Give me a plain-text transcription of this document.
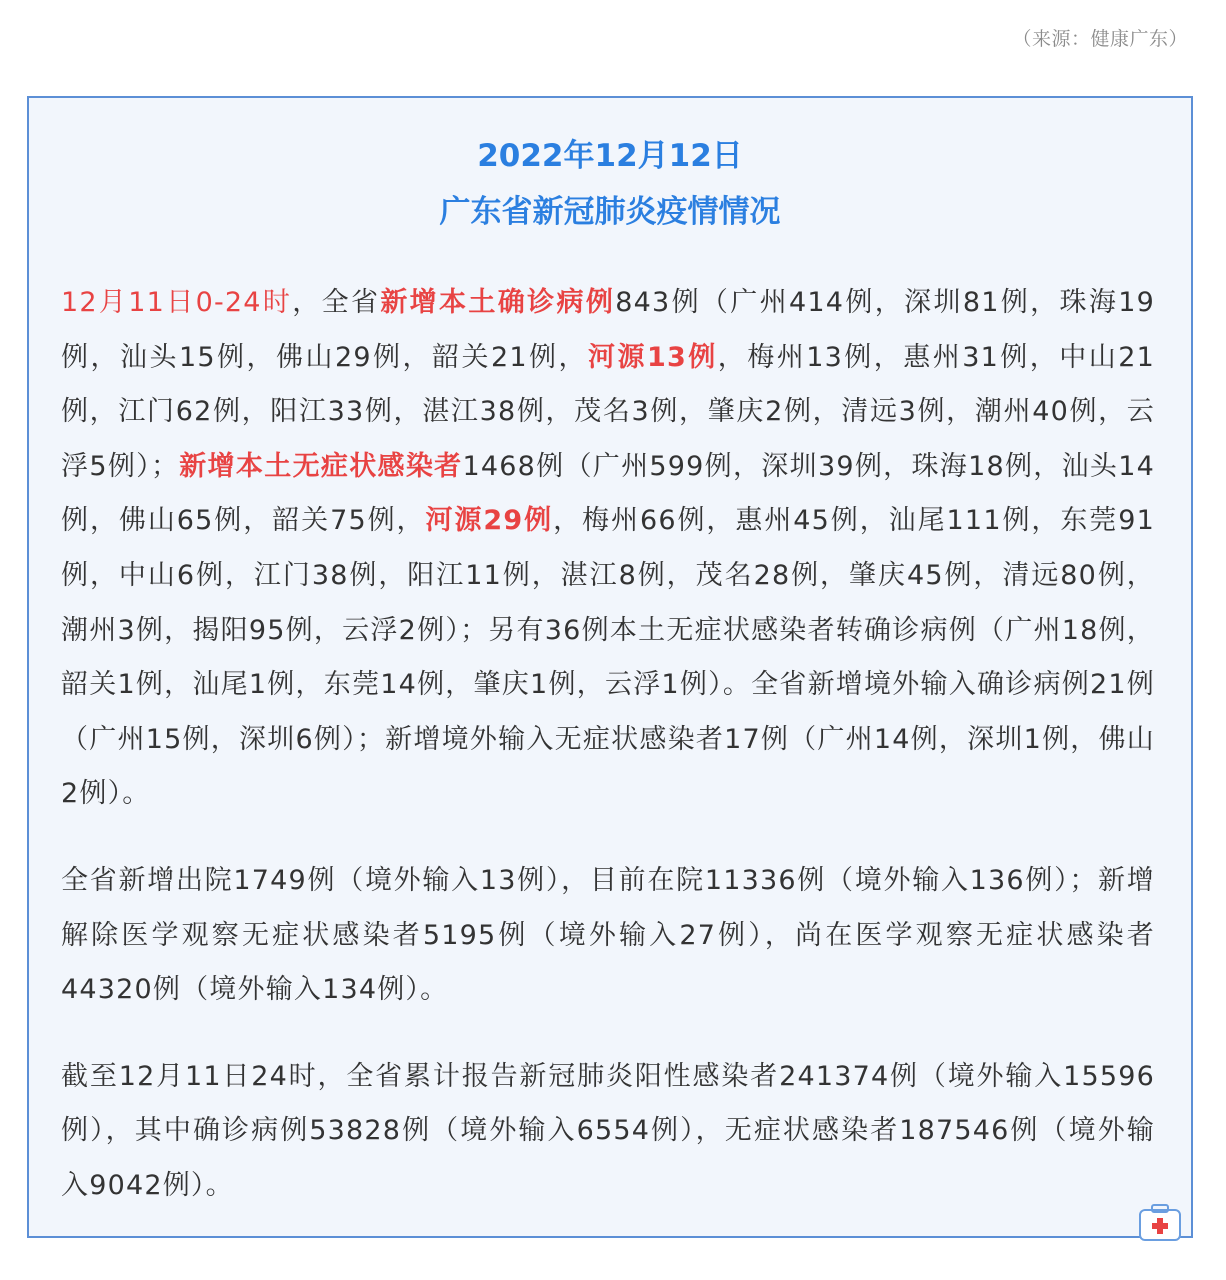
（来源：健康广东）
2022年12月12日
广东省新冠肺炎疫情情况

12月11日0-24时，全省新增本土确诊病例843例（广州414例，深圳81例，珠海19例，汕头15例，佛山29例，韶关21例，河源13例，梅州13例，惠州31例，中山21例，江门62例，阳江33例，湛江38例，茂名3例，肇庆2例，清远3例，潮州40例，云浮5例）；新增本土无症状感染者1468例（广州599例，深圳39例，珠海18例，汕头14例，佛山65例，韶关75例，河源29例，梅州66例，惠州45例，汕尾111例，东莞91例，中山6例，江门38例，阳江11例，湛江8例，茂名28例，肇庆45例，清远80例，潮州3例，揭阳95例，云浮2例）；另有36例本土无症状感染者转确诊病例（广州18例，韶关1例，汕尾1例，东莞14例，肇庆1例，云浮1例）。全省新增境外输入确诊病例21例（广州15例，深圳6例）；新增境外输入无症状感染者17例（广州14例，深圳1例，佛山2例）。

全省新增出院1749例（境外输入13例），目前在院11336例（境外输入136例）；新增解除医学观察无症状感染者5195例（境外输入27例），尚在医学观察无症状感染者44320例（境外输入134例）。

截至12月11日24时，全省累计报告新冠肺炎阳性感染者241374例（境外输入15596例），其中确诊病例53828例（境外输入6554例），无症状感染者187546例（境外输入9042例）。
